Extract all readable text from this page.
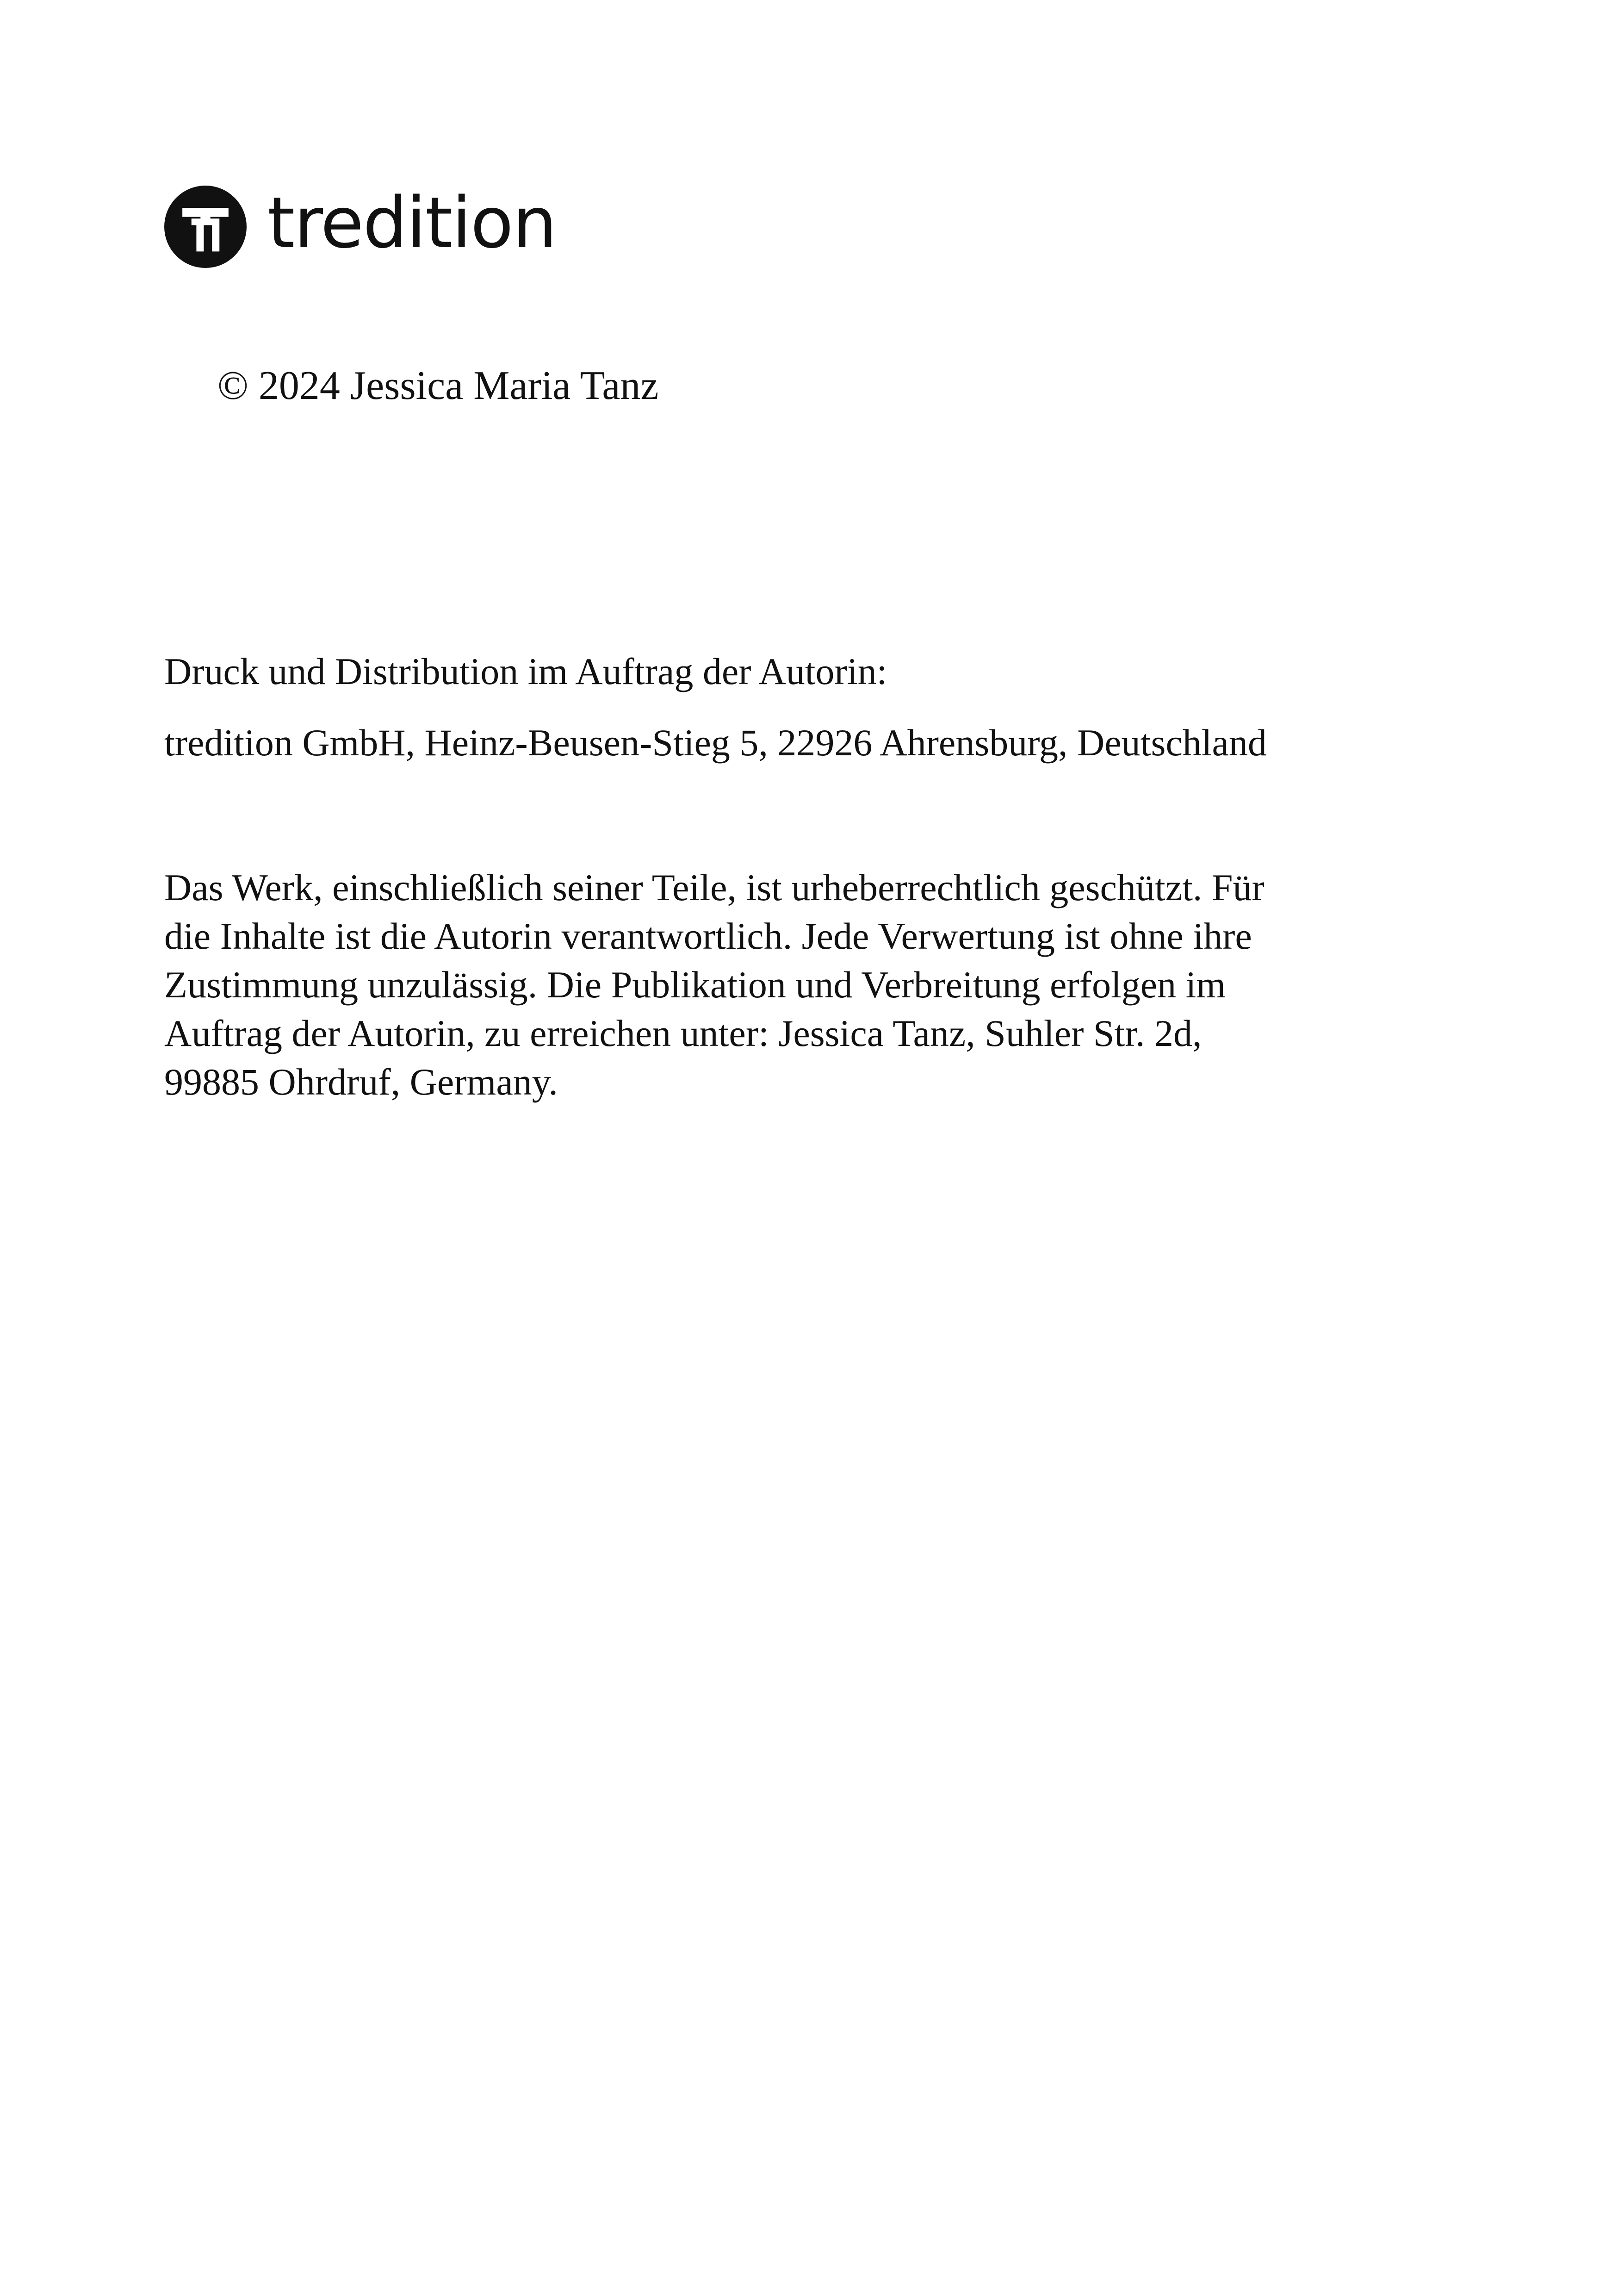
tredition
© 2024 Jessica Maria Tanz
Druck und Distribution im Auftrag der Autorin:
tredition GmbH, Heinz-Beusen-Stieg 5, 22926 Ahrensburg, Deutschland
Das Werk, einschließlich seiner Teile, ist urheberrechtlich geschützt. Für
die Inhalte ist die Autorin verantwortlich. Jede Verwertung ist ohne ihre
Zustimmung unzulässig. Die Publikation und Verbreitung erfolgen im
Auftrag der Autorin, zu erreichen unter: Jessica Tanz, Suhler Str. 2d,
99885 Ohrdruf, Germany.
